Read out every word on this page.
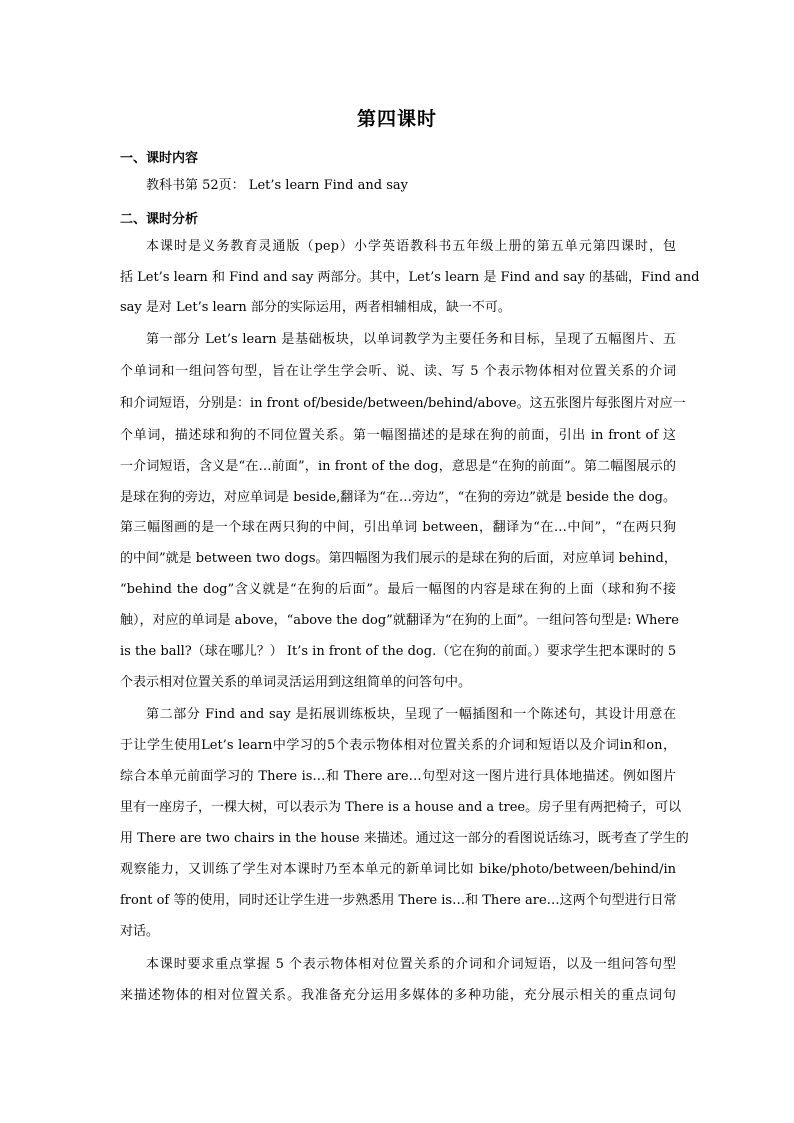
第四课时
一、课时内容
教科书第 52页： Let’s learn Find and say
二、课时分析
本课时是义务教育灵通版（pep）小学英语教科书五年级上册的第五单元第四课时，包
括 Let’s learn 和 Find and say 两部分。其中，Let’s learn 是 Find and say 的基础，Find and
say 是对 Let’s learn 部分的实际运用，两者相辅相成，缺一不可。
第一部分 Let’s learn 是基础板块，以单词教学为主要任务和目标，呈现了五幅图片、五
个单词和一组问答句型，旨在让学生学会听、说、读、写 5 个表示物体相对位置关系的介词
和介词短语，分别是：in front of/beside/between/behind/above。这五张图片每张图片对应一
个单词，描述球和狗的不同位置关系。第一幅图描述的是球在狗的前面，引出 in front of 这
一介词短语，含义是“在…前面”，in front of the dog，意思是“在狗的前面”。第二幅图展示的
是球在狗的旁边，对应单词是 beside,翻译为“在…旁边”，“在狗的旁边”就是 beside the dog。
第三幅图画的是一个球在两只狗的中间，引出单词 between，翻译为“在…中间”，“在两只狗
的中间”就是 between two dogs。第四幅图为我们展示的是球在狗的后面，对应单词 behind，
“behind the dog”含义就是“在狗的后面”。最后一幅图的内容是球在狗的上面（球和狗不接
触），对应的单词是 above，“above the dog”就翻译为“在狗的上面”。一组问答句型是: Where
is the ball?（球在哪儿？） It’s in front of the dog.（它在狗的前面。）要求学生把本课时的 5
个表示相对位置关系的单词灵活运用到这组简单的问答句中。
第二部分 Find and say 是拓展训练板块，呈现了一幅插图和一个陈述句，其设计用意在
于让学生使用Let’s learn中学习的5个表示物体相对位置关系的介词和短语以及介词in和on，
综合本单元前面学习的 There is…和 There are…句型对这一图片进行具体地描述。例如图片
里有一座房子，一棵大树，可以表示为 There is a house and a tree。房子里有两把椅子，可以
用 There are two chairs in the house 来描述。通过这一部分的看图说话练习，既考查了学生的
观察能力，又训练了学生对本课时乃至本单元的新单词比如 bike/photo/between/behind/in
front of 等的使用，同时还让学生进一步熟悉用 There is…和 There are…这两个句型进行日常
对话。
本课时要求重点掌握 5 个表示物体相对位置关系的介词和介词短语，以及一组问答句型
来描述物体的相对位置关系。我准备充分运用多媒体的多种功能，充分展示相关的重点词句
